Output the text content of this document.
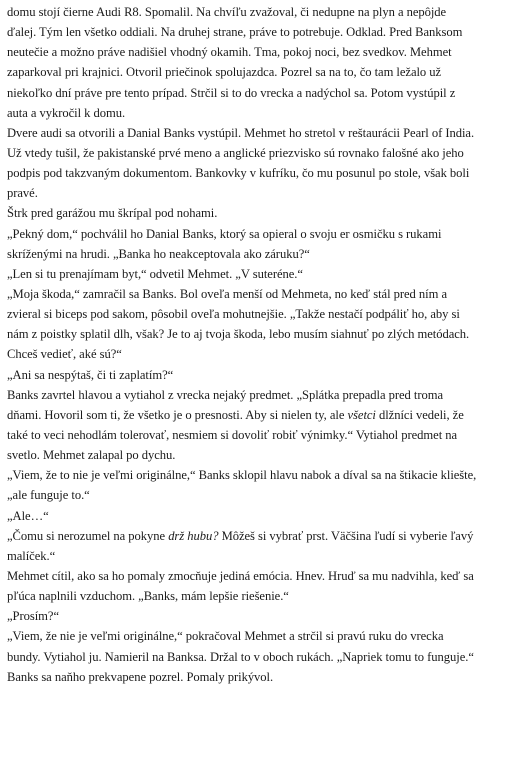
domu stojí čierne Audi R8. Spomalil. Na chvíľu zvažoval, či nedupne na plyn a nepôjde
ďalej. Tým len všetko oddiali. Na druhej strane, práve to potrebuje. Odklad. Pred Banksom
neutečie a možno práve nadišiel vhodný okamih. Tma, pokoj noci, bez svedkov. Mehmet
zaparkoval pri krajnici. Otvoril priečinok spolujazdca. Pozrel sa na to, čo tam ležalo už
niekoľko dní práve pre tento prípad. Strčil si to do vrecka a nadýchol sa. Potom vystúpil z
auta a vykročil k domu.
Dvere audi sa otvorili a Danial Banks vystúpil. Mehmet ho stretol v reštaurácii Pearl of India.
Už vtedy tušil, že pakistanské prvé meno a anglické priezvisko sú rovnako falošné ako jeho
podpis pod takzvaným dokumentom. Bankovky v kufríku, čo mu posunul po stole, však boli
pravé.
Štrk pred garážou mu škrípal pod nohami.
„Pekný dom,“ pochválil ho Danial Banks, ktorý sa opieral o svoju er osmičku s rukami
skríženými na hrudi. „Banka ho neakceptovala ako záruku?“
„Len si tu prenajímam byt,“ odvetil Mehmet. „V suteréne.“
„Moja škoda,“ zamračil sa Banks. Bol oveľa menší od Mehmeta, no keď stál pred ním a
zvieral si biceps pod sakom, pôsobil oveľa mohutnejšie. „Takže nestačí podpáliť ho, aby si
nám z poistky splatil dlh, však? Je to aj tvoja škoda, lebo musím siahnuť po zlých metódach.
Chceš vedieť, aké sú?“
„Ani sa nespýtaš, či ti zaplatím?“
Banks zavrtel hlavou a vytiahol z vrecka nejaký predmet. „Splátka prepadla pred troma
dňami. Hovoril som ti, že všetko je o presnosti. Aby si nielen ty, ale všetci dlžníci vedeli, že
také to veci nehodlám tolerovať, nesmiem si dovoliť robiť výnimky.“ Vytiahol predmet na
svetlo. Mehmet zalapal po dychu.
„Viem, že to nie je veľmi originálne,“ Banks sklopil hlavu nabok a díval sa na štikacie kliešte,
„ale funguje to.“
„Ale…“
„Čomu si nerozumel na pokyne drž hubu? Môžeš si vybrať prst. Väčšina ľudí si vyberie ľavý
malíček.“
Mehmet cítil, ako sa ho pomaly zmocňuje jediná emócia. Hnev. Hruď sa mu nadvihla, keď sa
pľúca naplnili vzduchom. „Banks, mám lepšie riešenie.“
„Prosím?“
„Viem, že nie je veľmi originálne,“ pokračoval Mehmet a strčil si pravú ruku do vrecka
bundy. Vytiahol ju. Namieril na Banksa. Držal to v oboch rukách. „Napriek tomu to funguje.“
Banks sa naňho prekvapene pozrel. Pomaly prikývol.
